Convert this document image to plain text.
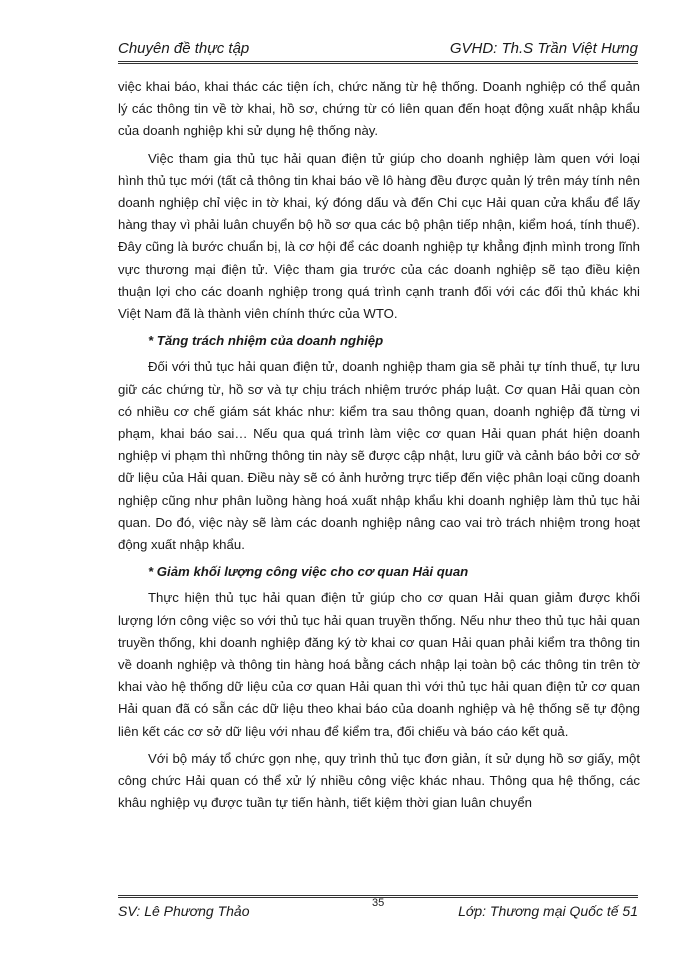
Chuyên đề thực tập	GVHD: Th.S Trần Việt Hưng

việc khai báo, khai thác các tiện ích, chức năng từ hệ thống. Doanh nghiệp có thể quản lý các thông tin về tờ khai, hồ sơ, chứng từ có liên quan đến hoạt động xuất nhập khẩu của doanh nghiệp khi sử dụng hệ thống này.

Việc tham gia thủ tục hải quan điện tử giúp cho doanh nghiệp làm quen với loại hình thủ tục mới (tất cả thông tin khai báo về lô hàng đều được quản lý trên máy tính nên doanh nghiệp chỉ việc in tờ khai, ký đóng dấu và đến Chi cục Hải quan cửa khẩu để lấy hàng thay vì phải luân chuyển bộ hồ sơ qua các bộ phận tiếp nhận, kiểm hoá, tính thuế). Đây cũng là bước chuẩn bị, là cơ hội để các doanh nghiệp tự khẳng định mình trong lĩnh vực thương mại điện tử. Việc tham gia trước của các doanh nghiệp sẽ tạo điều kiện thuận lợi cho các doanh nghiệp trong quá trình cạnh tranh đối với các đối thủ khác khi Việt Nam đã là thành viên chính thức của WTO.

* Tăng trách nhiệm của doanh nghiệp

Đối với thủ tục hải quan điện tử, doanh nghiệp tham gia sẽ phải tự tính thuế, tự lưu giữ các chứng từ, hồ sơ và tự chịu trách nhiệm trước pháp luật. Cơ quan Hải quan còn có nhiều cơ chế giám sát khác như: kiểm tra sau thông quan, doanh nghiệp đã từng vi phạm, khai báo sai… Nếu qua quá trình làm việc cơ quan Hải quan phát hiện doanh nghiệp vi phạm thì những thông tin này sẽ được cập nhật, lưu giữ và cảnh báo bởi cơ sở dữ liệu của Hải quan. Điều này sẽ có ảnh hưởng trực tiếp đến việc phân loại cũng doanh nghiệp cũng như phân luồng hàng hoá xuất nhập khẩu khi doanh nghiệp làm thủ tục hải quan. Do đó, việc này sẽ làm các doanh nghiệp nâng cao vai trò trách nhiệm trong hoạt động xuất nhập khẩu.

* Giảm khối lượng công việc cho cơ quan Hải quan

Thực hiện thủ tục hải quan điện tử giúp cho cơ quan Hải quan giảm được khối lượng lớn công việc so với thủ tục hải quan truyền thống. Nếu như theo thủ tục hải quan truyền thống, khi doanh nghiệp đăng ký tờ khai cơ quan Hải quan phải kiểm tra thông tin về doanh nghiệp và thông tin hàng hoá bằng cách nhập lại toàn bộ các thông tin trên tờ khai vào hệ thống dữ liệu của cơ quan Hải quan thì với thủ tục hải quan điện tử cơ quan Hải quan đã có sẵn các dữ liệu theo khai báo của doanh nghiệp và hệ thống sẽ tự động liên kết các cơ sở dữ liệu với nhau để kiểm tra, đối chiếu và báo cáo kết quả.

Với bộ máy tổ chức gọn nhẹ, quy trình thủ tục đơn giản, ít sử dụng hồ sơ giấy, một công chức Hải quan có thể xử lý nhiều công việc khác nhau. Thông qua hệ thống, các khâu nghiệp vụ được tuần tự tiến hành, tiết kiệm thời gian luân chuyển

SV: Lê Phương Thảo	35	Lớp: Thương mại Quốc tế 51
